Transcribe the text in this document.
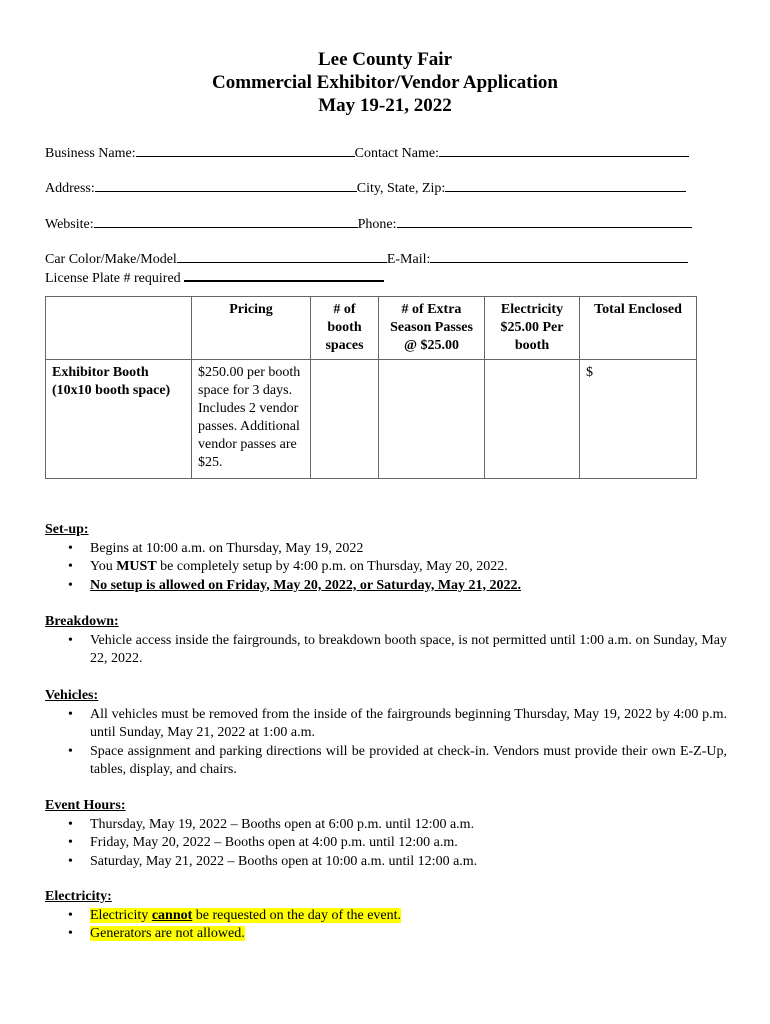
Lee County Fair
Commercial Exhibitor/Vendor Application
May 19-21, 2022
Business Name:	Contact Name:
Address:	City, State, Zip:
Website:	Phone:
Car Color/Make/Model	E-Mail:
License Plate # required
	Pricing	# of booth spaces	# of Extra Season Passes @ $25.00	Electricity $25.00 Per booth	Total Enclosed
Exhibitor Booth (10x10 booth space)	$250.00 per booth space for 3 days. Includes 2 vendor passes. Additional vendor passes are $25.				$
Set-up:
• Begins at 10:00 a.m. on Thursday, May 19, 2022
• You MUST be completely setup by 4:00 p.m. on Thursday, May 20, 2022.
• No setup is allowed on Friday, May 20, 2022, or Saturday, May 21, 2022.
Breakdown:
• Vehicle access inside the fairgrounds, to breakdown booth space, is not permitted until 1:00 a.m. on Sunday, May 22, 2022.
Vehicles:
• All vehicles must be removed from the inside of the fairgrounds beginning Thursday, May 19, 2022 by 4:00 p.m. until Sunday, May 21, 2022 at 1:00 a.m.
• Space assignment and parking directions will be provided at check-in. Vendors must provide their own E-Z-Up, tables, display, and chairs.
Event Hours:
• Thursday, May 19, 2022 – Booths open at 6:00 p.m. until 12:00 a.m.
• Friday, May 20, 2022 – Booths open at 4:00 p.m. until 12:00 a.m.
• Saturday, May 21, 2022 – Booths open at 10:00 a.m. until 12:00 a.m.
Electricity:
• Electricity cannot be requested on the day of the event.
• Generators are not allowed.
